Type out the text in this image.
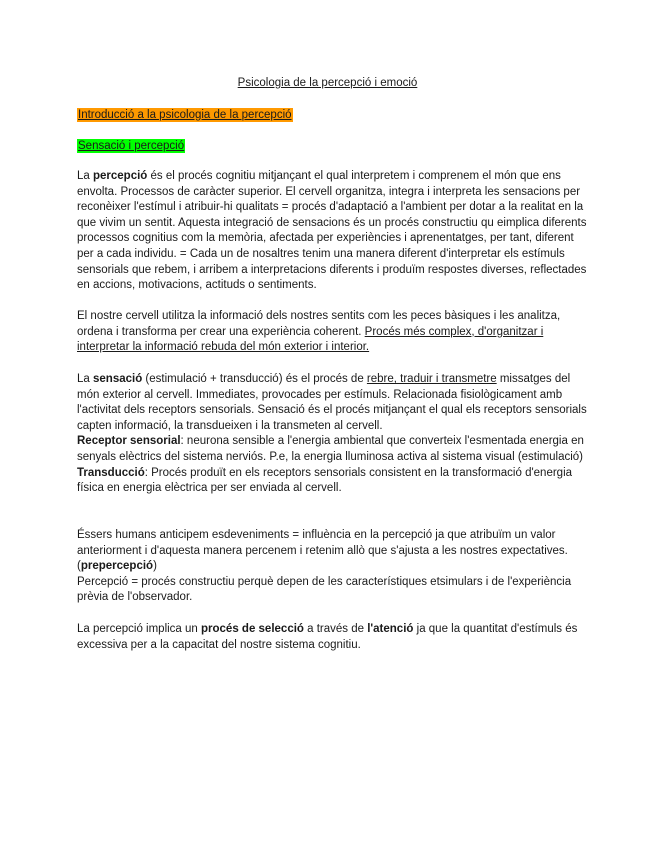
Psicologia de la percepció i emoció
Introducció a la psicologia de la percepció
Sensació i percepció

La percepció és el procés cognitiu mitjançant el qual interpretem i comprenem el món que ens envolta. Processos de caràcter superior. El cervell organitza, integra i interpreta les sensacions per reconèixer l'estímul i atribuir-hi qualitats = procés d'adaptació a l'ambient per dotar a la realitat en la que vivim un sentit. Aquesta integració de sensacions és un procés constructiu qu eimplica diferents processos cognitius com la memòria, afectada per experiències i aprenentatges, per tant, diferent per a cada individu. = Cada un de nosaltres tenim una manera diferent d'interpretar els estímuls sensorials que rebem, i arribem a interpretacions diferents i produïm respostes diverses, reflectades en accions, motivacions, actituds o sentiments.

El nostre cervell utilitza la informació dels nostres sentits com les peces bàsiques i les analitza, ordena i transforma per crear una experiència coherent. Procés més complex, d'organitzar i interpretar la informació rebuda del món exterior i interior.

La sensació (estimulació + transducció) és el procés de rebre, traduir i transmetre missatges del món exterior al cervell. Immediates, provocades per estímuls. Relacionada fisiològicament amb l'activitat dels receptors sensorials. Sensació és el procés mitjançant el qual els receptors sensorials capten informació, la transdueixen i la transmeten al cervell.
Receptor sensorial: neurona sensible a l'energia ambiental que converteix l'esmentada energia en senyals elèctrics del sistema nerviós. P.e, la energia lluminosa activa al sistema visual (estimulació)
Transducció: Procés produït en els receptors sensorials consistent en la transformació d'energia física en energia elèctrica per ser enviada al cervell.

Éssers humans anticipem esdeveniments = influència en la percepció ja que atribuïm un valor anteriorment i d'aquesta manera percenem i retenim allò que s'ajusta a les nostres expectatives. (prepercepció)
Percepció = procés constructiu perquè depen de les característiques etsimulars i de l'experiència prèvia de l'observador.

La percepció implica un procés de selecció a través de l'atenció ja que la quantitat d'estímuls és excessiva per a la capacitat del nostre sistema cognitiu.
